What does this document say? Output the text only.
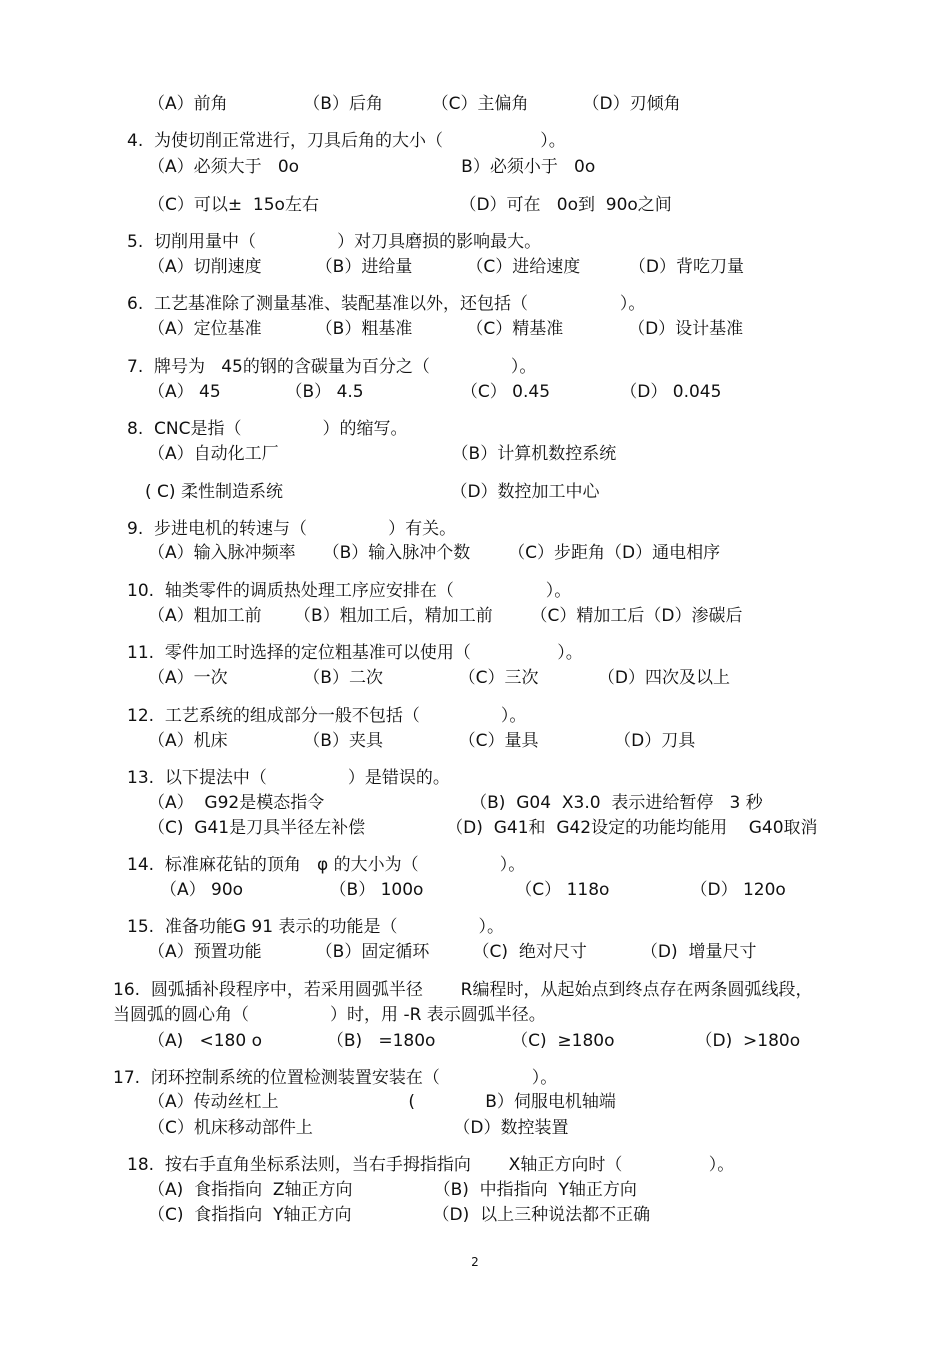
（A）前角              （B）后角         （C）主偏角          （D）刃倾角
4.  为使切削正常进行，刀具后角的大小（                  ）。
（A）必须大于   0o                              B）必须小于   0o
（C）可以±  15o左右                          （D）可在   0o到  90o之间
5.  切削用量中（               ）对刀具磨损的影响最大。
（A）切削速度          （B）进给量          （C）进给速度         （D）背吃刀量
6.  工艺基准除了测量基准、装配基准以外，还包括（                 ）。
（A）定位基准          （B）粗基准          （C）精基准            （D）设计基准
7.  牌号为   45的钢的含碳量为百分之（               ）。
（A） 45            （B） 4.5                  （C） 0.45             （D） 0.045
8.  CNC是指（               ）的缩写。
（A）自动化工厂                                （B）计算机数控系统
( C) 柔性制造系统                               （D）数控加工中心
9.  步进电机的转速与（               ）有关。
（A）输入脉冲频率     （B）输入脉冲个数       （C）步距角（D）通电相序
10.  轴类零件的调质热处理工序应安排在（                 ）。
（A）粗加工前      （B）粗加工后，精加工前       （C）精加工后（D）渗碳后
11.  零件加工时选择的定位粗基准可以使用（                ）。
（A）一次              （B）二次              （C）三次           （D）四次及以上
12.  工艺系统的组成部分一般不包括（               ）。
（A）机床              （B）夹具              （C）量具              （D）刀具
13.  以下提法中（               ）是错误的。
（A）  G92是模态指令                           （B)  G04  X3.0  表示进给暂停   3 秒
（C)  G41是刀具半径左补偿               （D)  G41和  G42设定的功能均能用    G40取消
14.  标准麻花钻的顶角   φ 的大小为（               ）。
（A） 90o                （B） 100o                 （C） 118o               （D） 120o
15.  准备功能G 91 表示的功能是（               ）。
（A）预置功能          （B）固定循环        （C)  绝对尺寸          （D)  增量尺寸
16.  圆弧插补段程序中，若采用圆弧半径       R编程时，从起始点到终点存在两条圆弧线段，
当圆弧的圆心角（               ）时，用 -R 表示圆弧半径。
（A)   <180 o            （B)   =180o              （C)  ≥180o               （D)  >180o
17.  闭环控制系统的位置检测装置安装在（                 ）。
（A）传动丝杠上                        (             B）伺服电机轴端
（C）机床移动部件上                          （D）数控装置
18.  按右手直角坐标系法则，当右手拇指指向       X轴正方向时（                ）。
（A)  食指指向  Z轴正方向               （B)  中指指向  Y轴正方向
（C)  食指指向  Y轴正方向               （D)  以上三种说法都不正确
2
